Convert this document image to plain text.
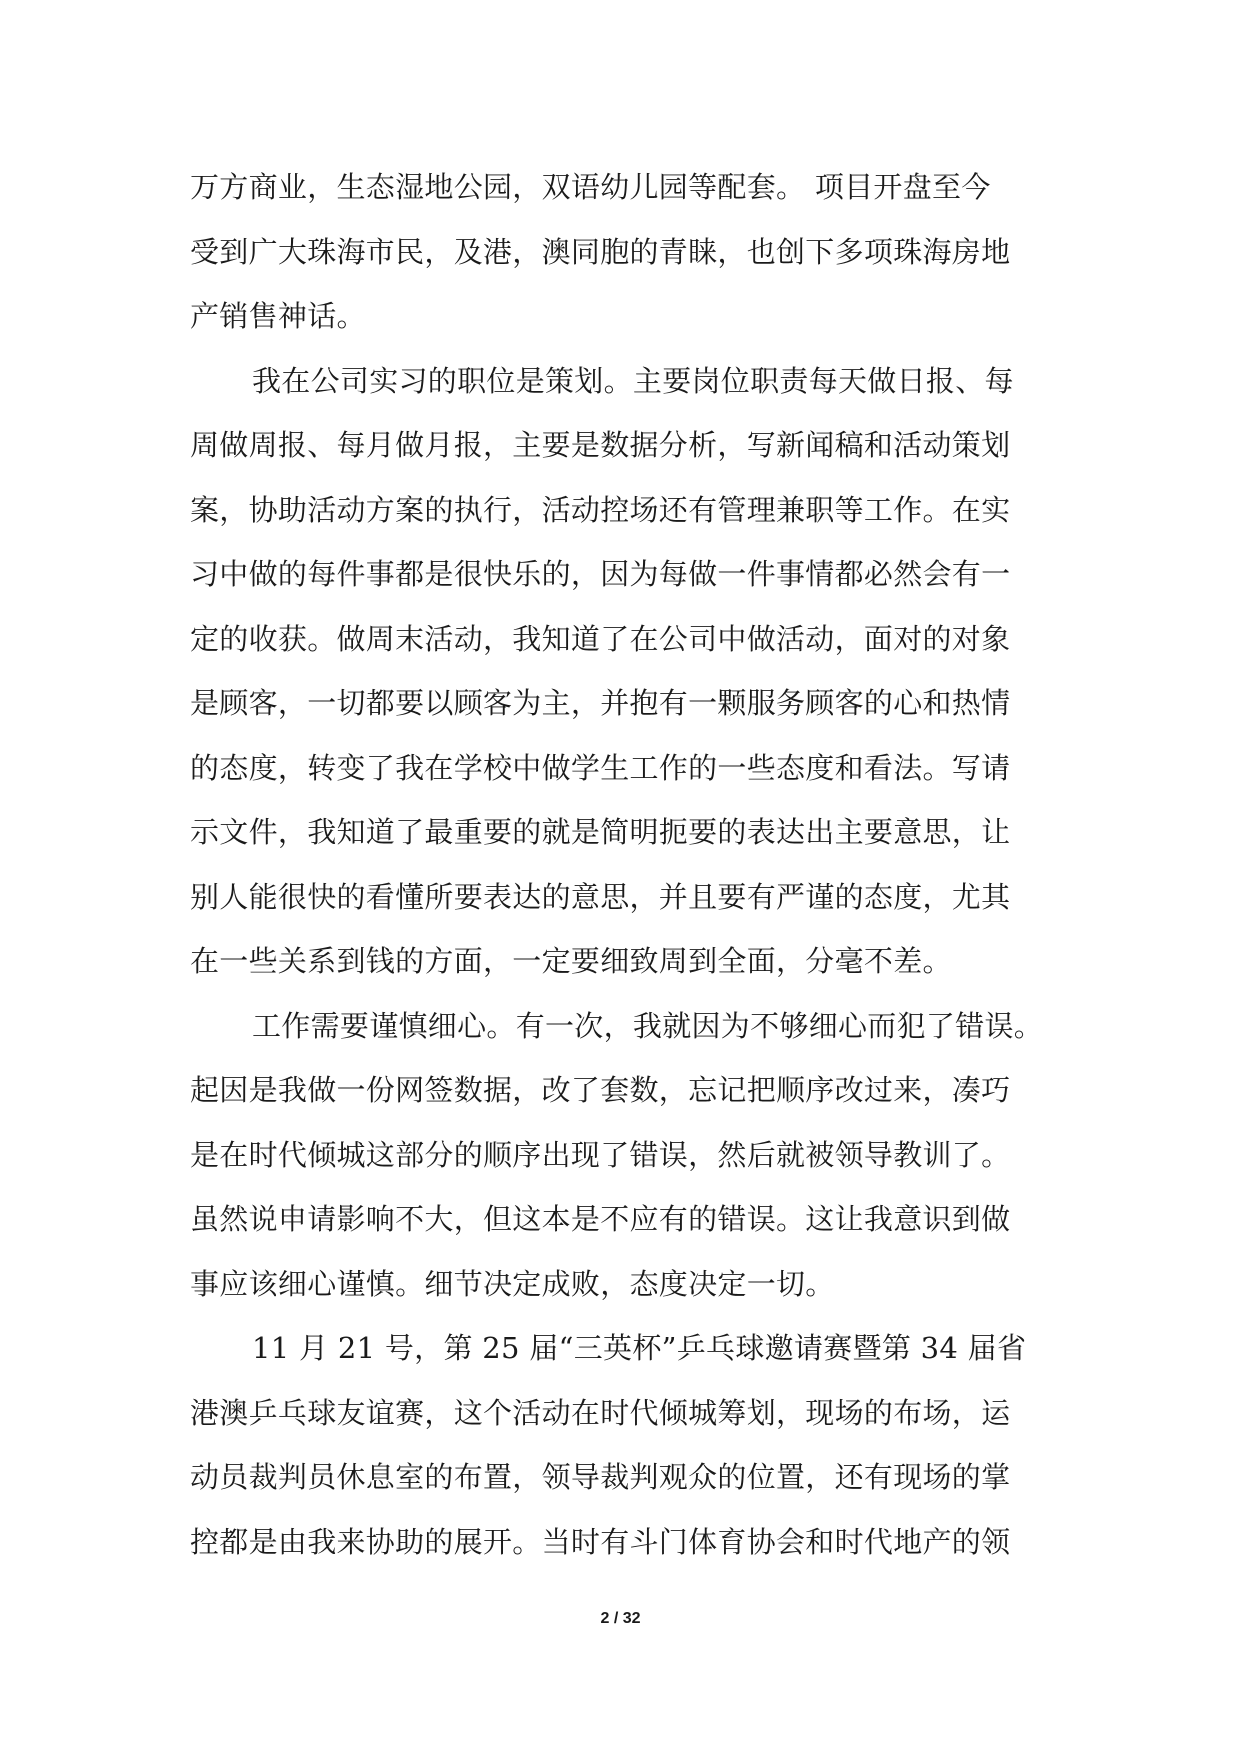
万方商业，生态湿地公园，双语幼儿园等配套。 项目开盘至今
受到广大珠海市民，及港，澳同胞的青睐，也创下多项珠海房地
产销售神话。
我在公司实习的职位是策划。主要岗位职责每天做日报、每
周做周报、每月做月报，主要是数据分析，写新闻稿和活动策划
案，协助活动方案的执行，活动控场还有管理兼职等工作。在实
习中做的每件事都是很快乐的，因为每做一件事情都必然会有一
定的收获。做周末活动，我知道了在公司中做活动，面对的对象
是顾客，一切都要以顾客为主，并抱有一颗服务顾客的心和热情
的态度，转变了我在学校中做学生工作的一些态度和看法。写请
示文件，我知道了最重要的就是简明扼要的表达出主要意思，让
别人能很快的看懂所要表达的意思，并且要有严谨的态度，尤其
在一些关系到钱的方面，一定要细致周到全面，分毫不差。
工作需要谨慎细心。有一次，我就因为不够细心而犯了错误。
起因是我做一份网签数据，改了套数，忘记把顺序改过来，凑巧
是在时代倾城这部分的顺序出现了错误，然后就被领导教训了。
虽然说申请影响不大，但这本是不应有的错误。这让我意识到做
事应该细心谨慎。细节决定成败，态度决定一切。
11 月 21 号，第 25 届“三英杯”乒乓球邀请赛暨第 34 届省
港澳乒乓球友谊赛，这个活动在时代倾城筹划，现场的布场，运
动员裁判员休息室的布置，领导裁判观众的位置，还有现场的掌
控都是由我来协助的展开。当时有斗门体育协会和时代地产的领
2 / 32
